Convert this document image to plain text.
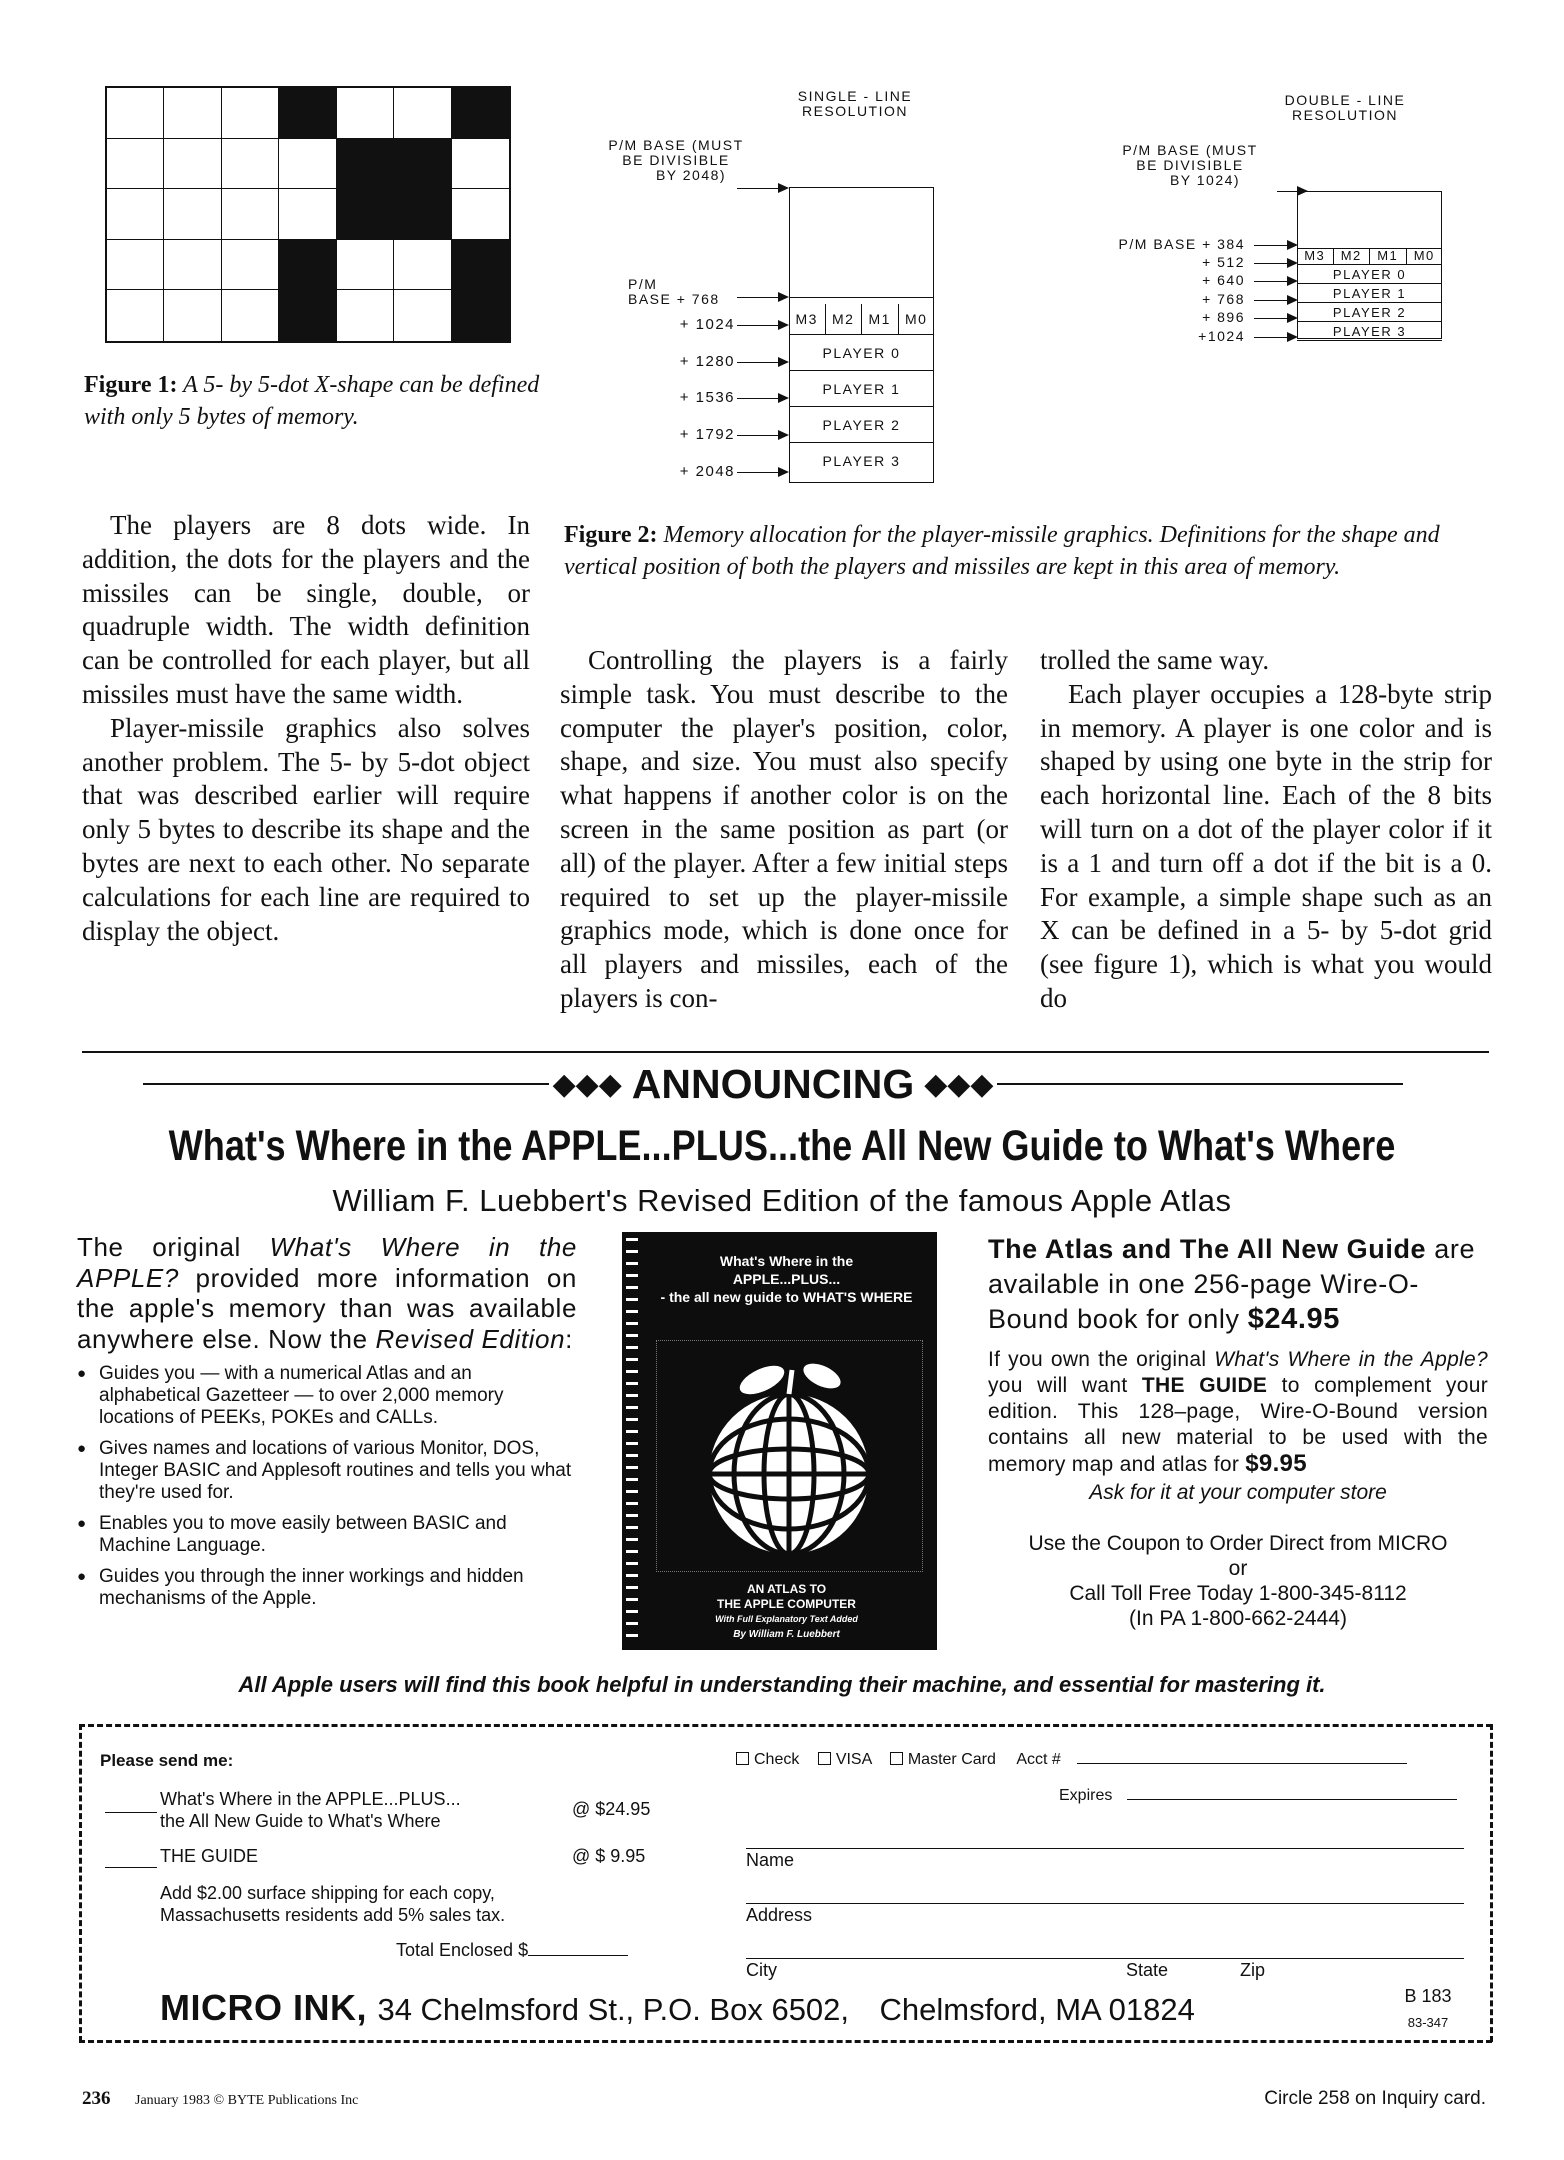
Figure 1: A 5- by 5-dot X-shape can be defined with only 5 bytes of memory.
SINGLE - LINE RESOLUTION
P/M BASE (MUST
BE DIVISIBLE
BY 2048)
P/M
BASE + 768
M3	M2	M1	M0
+ 1024
+ 1280
+ 1536
+ 1792
+ 2048
PLAYER 0
PLAYER 1
PLAYER 2
PLAYER 3
DOUBLE - LINE RESOLUTION
P/M BASE (MUST
BE DIVISIBLE
BY 1024)
M3	M2	M1	M0
P/M BASE + 384
+ 512
+ 640
+ 768
+ 896
+1024
PLAYER 0
PLAYER 1
PLAYER 2
PLAYER 3
Figure 2: Memory allocation for the player-missile graphics. Definitions for the shape and vertical position of both the players and missiles are kept in this area of memory.

The players are 8 dots wide. In addition, the dots for the players and the missiles can be single, double, or quadruple width. The width definition can be controlled for each player, but all missiles must have the same width.

Player-missile graphics also solves another problem. The 5- by 5-dot object that was described earlier will require only 5 bytes to describe its shape and the bytes are next to each other. No separate calculations for each line are required to display the object.

Controlling the players is a fairly simple task. You must describe to the computer the player's position, color, shape, and size. You must also specify what happens if another color is on the screen in the same position as part (or all) of the player. After a few initial steps required to set up the player-missile graphics mode, which is done once for all players and missiles, each of the players is con-

trolled the same way.

Each player occupies a 128-byte strip in memory. A player is one color and is shaped by using one byte in the strip for each horizontal line. Each of the 8 bits will turn on a dot of the player color if it is a 1 and turn off a dot if the bit is a 0. For example, a simple shape such as an X can be defined in a 5- by 5-dot grid (see figure 1), which is what you would do

◆◆◆ ANNOUNCING ◆◆◆
What's Where in the APPLE...PLUS...the All New Guide to What's Where
William F. Luebbert's Revised Edition of the famous Apple Atlas
The original What's Where in the APPLE? provided more information on the apple's memory than was available anywhere else. Now the Revised Edition:
● Guides you — with a numerical Atlas and an alphabetical Gazetteer — to over 2,000 memory locations of PEEKs, POKEs and CALLs.
● Gives names and locations of various Monitor, DOS, Integer BASIC and Applesoft routines and tells you what they're used for.
● Enables you to move easily between BASIC and Machine Language.
● Guides you through the inner workings and hidden mechanisms of the Apple.
What's Where in the
APPLE...PLUS...
- the all new guide to WHAT'S WHERE
AN ATLAS TO
THE APPLE COMPUTER
With Full Explanatory Text Added
By William F. Luebbert
The Atlas and The All New Guide are available in one 256-page Wire-O-Bound book for only $24.95
If you own the original What's Where in the Apple? you will want THE GUIDE to complement your edition. This 128–page, Wire-O-Bound version contains all new material to be used with the memory map and atlas for $9.95
Ask for it at your computer store
Use the Coupon to Order Direct from MICRO
or
Call Toll Free Today 1-800-345-8112
(In PA 1-800-662-2444)
All Apple users will find this book helpful in understanding their machine, and essential for mastering it.
Please send me:
What's Where in the APPLE...PLUS...
the All New Guide to What's Where
@ $24.95
THE GUIDE	@ $ 9.95
Add $2.00 surface shipping for each copy,
Massachusetts residents add 5% sales tax.
Total Enclosed $
Check VISA Master Card Acct #
Expires
Name
Address
City	State	Zip
MICRO INK, 34 Chelmsford St., P.O. Box 6502, Chelmsford, MA 01824	B 183
83-347
236 January 1983 © BYTE Publications Inc	Circle 258 on Inquiry card.
